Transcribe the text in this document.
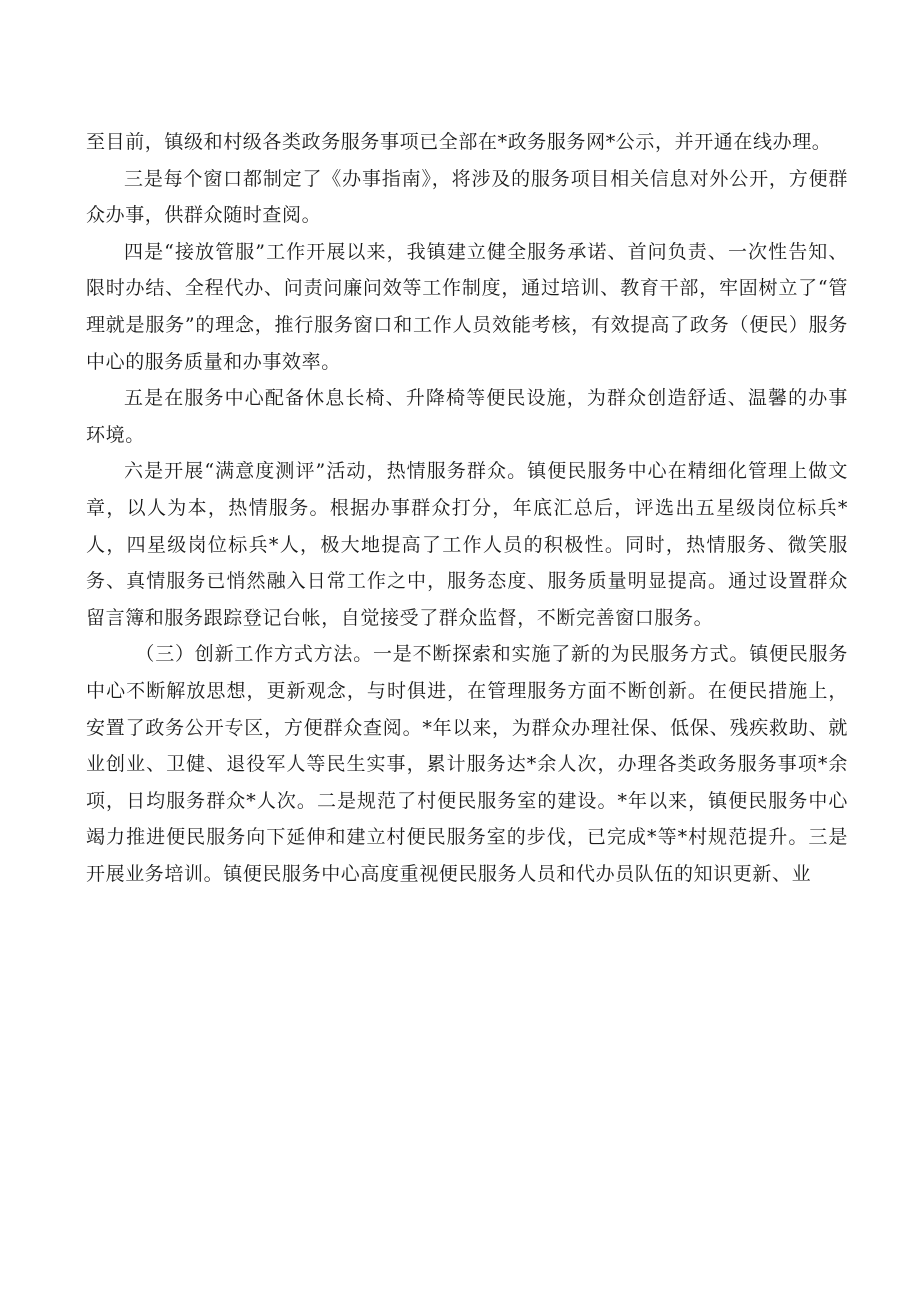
至目前，镇级和村级各类政务服务事项已全部在*政务服务网*公示，并开通在线办理。

三是每个窗口都制定了《办事指南》，将涉及的服务项目相关信息对外公开，方便群众办事，供群众随时查阅。

四是“接放管服”工作开展以来，我镇建立健全服务承诺、首问负责、一次性告知、限时办结、全程代办、问责问廉问效等工作制度，通过培训、教育干部，牢固树立了“管理就是服务”的理念，推行服务窗口和工作人员效能考核，有效提高了政务（便民）服务中心的服务质量和办事效率。

五是在服务中心配备休息长椅、升降椅等便民设施，为群众创造舒适、温馨的办事环境。

六是开展“满意度测评”活动，热情服务群众。镇便民服务中心在精细化管理上做文章，以人为本，热情服务。根据办事群众打分，年底汇总后，评选出五星级岗位标兵*人，四星级岗位标兵*人，极大地提高了工作人员的积极性。同时，热情服务、微笑服务、真情服务已悄然融入日常工作之中，服务态度、服务质量明显提高。通过设置群众留言簿和服务跟踪登记台帐，自觉接受了群众监督，不断完善窗口服务。

（三）创新工作方式方法。一是不断探索和实施了新的为民服务方式。镇便民服务中心不断解放思想，更新观念，与时俱进，在管理服务方面不断创新。在便民措施上，安置了政务公开专区，方便群众查阅。*年以来，为群众办理社保、低保、残疾救助、就业创业、卫健、退役军人等民生实事，累计服务达*余人次，办理各类政务服务事项*余项，日均服务群众*人次。二是规范了村便民服务室的建设。*年以来，镇便民服务中心竭力推进便民服务向下延伸和建立村便民服务室的步伐，已完成*等*村规范提升。三是开展业务培训。镇便民服务中心高度重视便民服务人员和代办员队伍的知识更新、业
